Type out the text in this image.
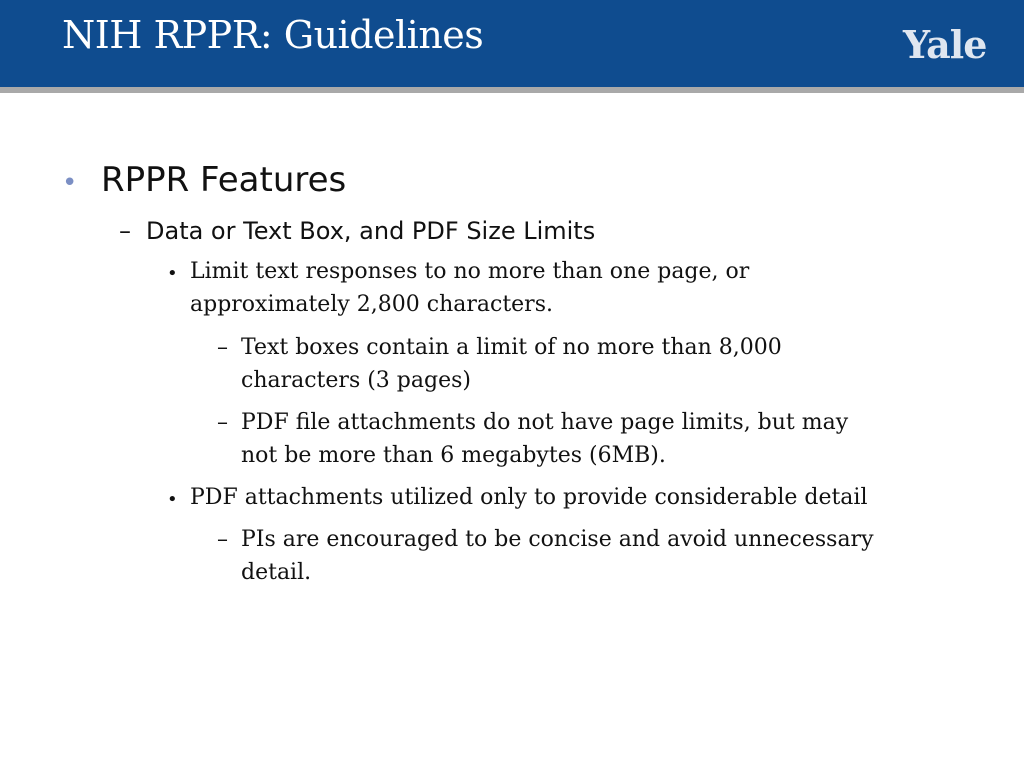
NIH RPPR: Guidelines	Yale
• RPPR Features
– Data or Text Box, and PDF Size Limits
• Limit text responses to no more than one page, or
approximately 2,800 characters.
– Text boxes contain a limit of no more than 8,000
characters (3 pages)
– PDF file attachments do not have page limits, but may
not be more than 6 megabytes (6MB).
• PDF attachments utilized only to provide considerable detail
– PIs are encouraged to be concise and avoid unnecessary
detail.
